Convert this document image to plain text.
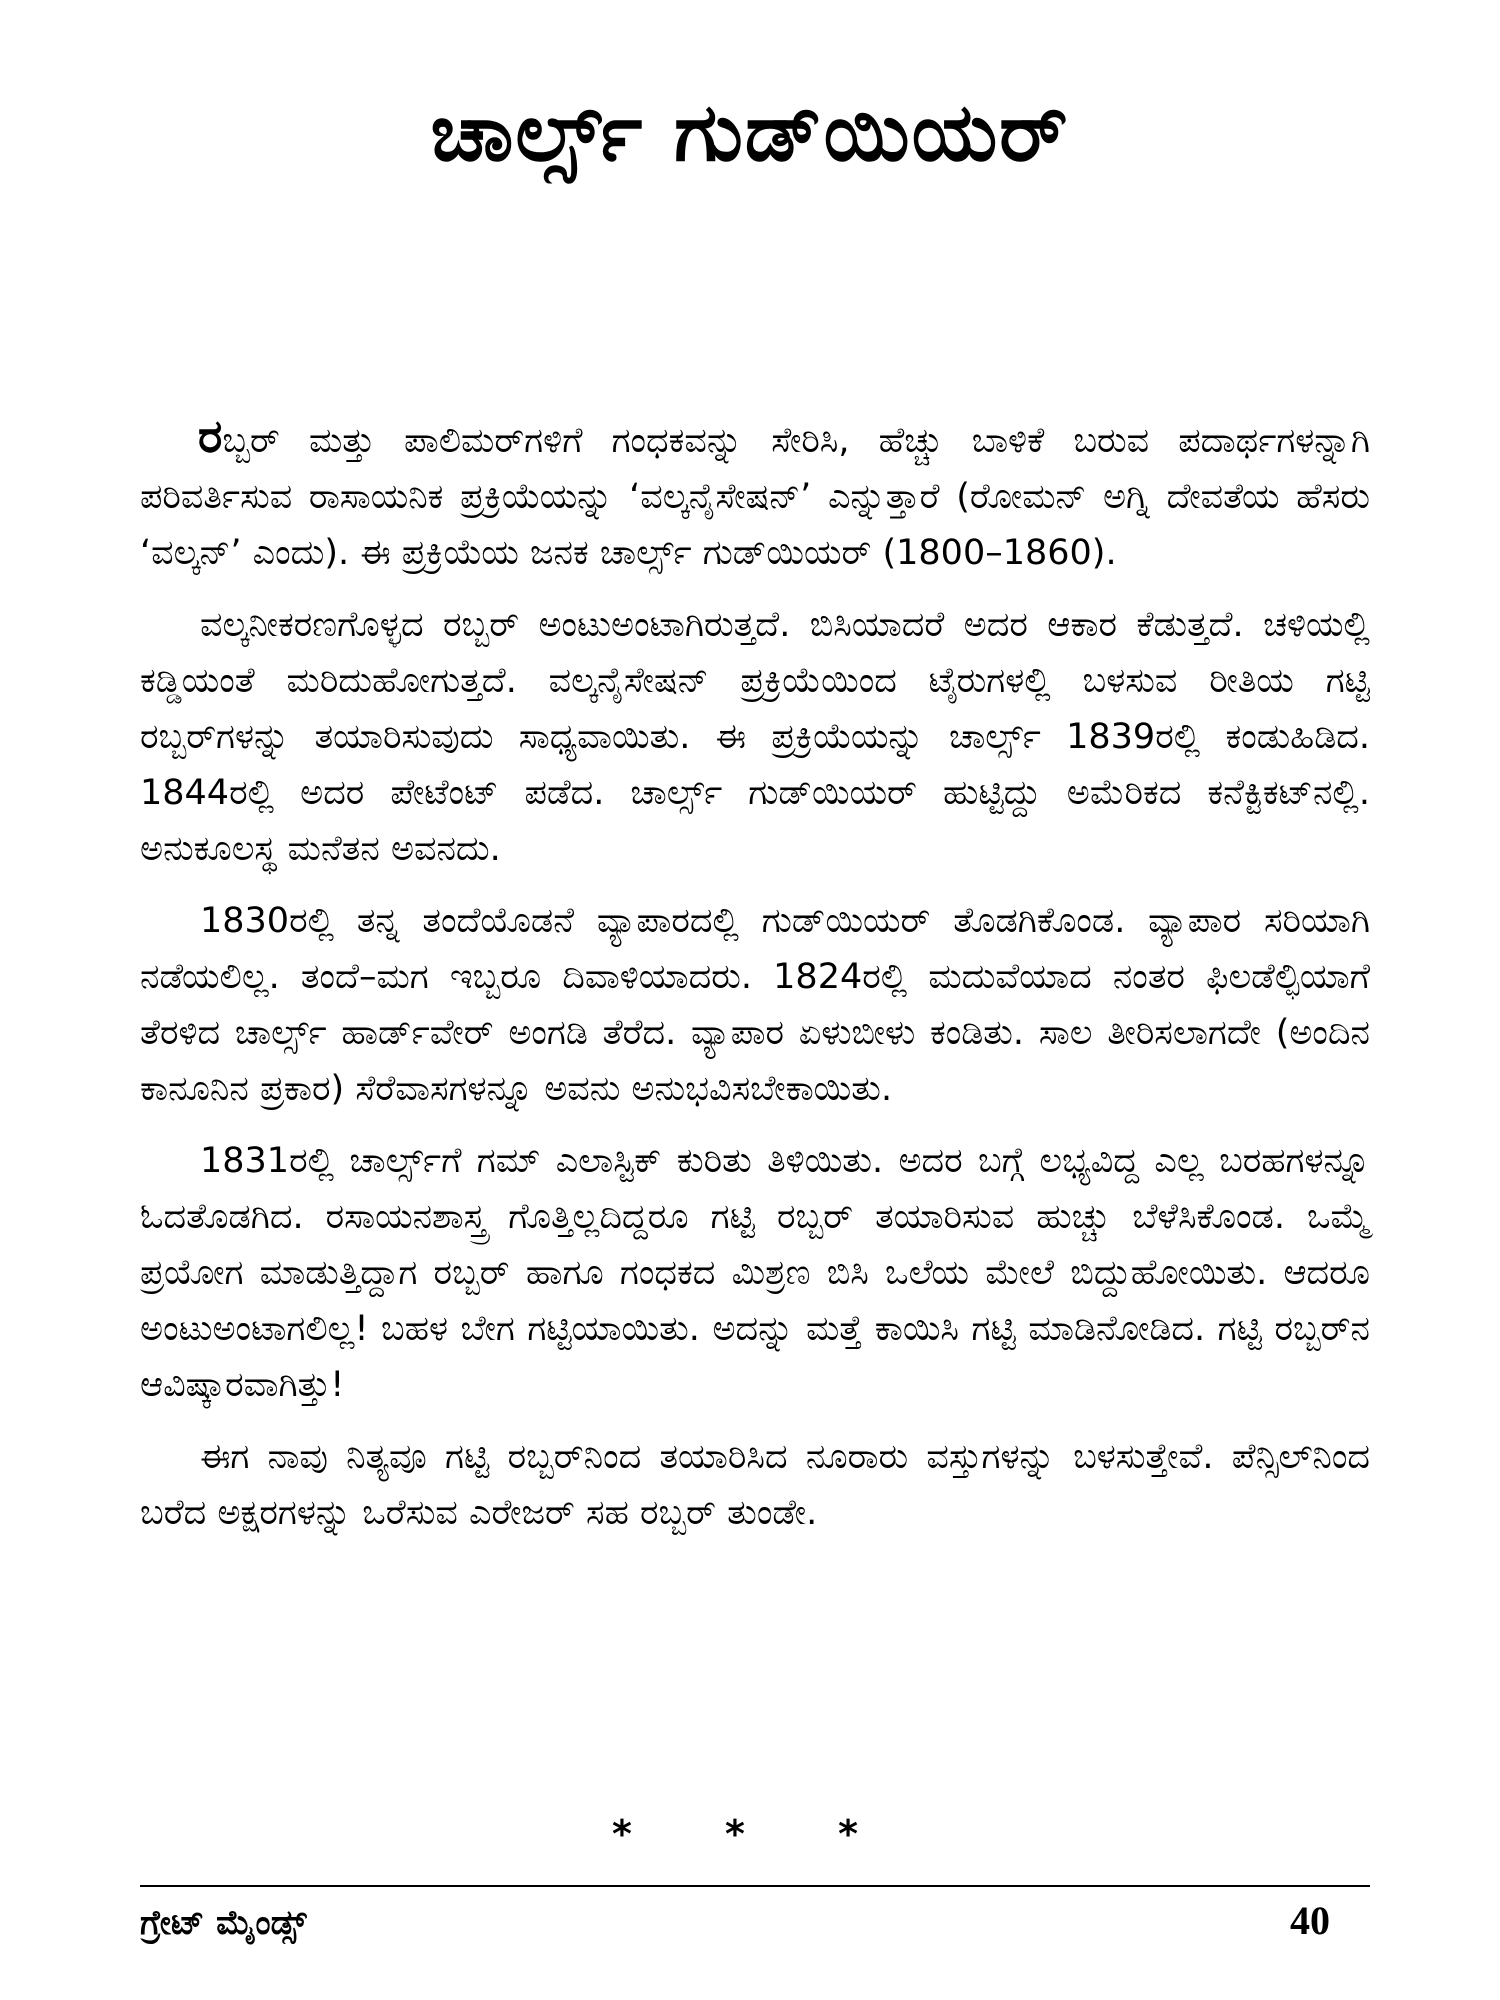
ಚಾರ್ಲ್ಸ್ ಗುಡ್‌ಯಿಯರ್

ರಬ್ಬರ್ ಮತ್ತು ಪಾಲಿಮರ್‌ಗಳಿಗೆ ಗಂಧಕವನ್ನು ಸೇರಿಸಿ, ಹೆಚ್ಚು ಬಾಳಿಕೆ ಬರುವ ಪದಾರ್ಥಗಳನ್ನಾಗಿ ಪರಿವರ್ತಿಸುವ ರಾಸಾಯನಿಕ ಪ್ರಕ್ರಿಯೆಯನ್ನು ‘ವಲ್ಕನೈಸೇಷನ್’ ಎನ್ನುತ್ತಾರೆ (ರೋಮನ್ ಅಗ್ನಿ ದೇವತೆಯ ಹೆಸರು ‘ವಲ್ಕನ್’ ಎಂದು). ಈ ಪ್ರಕ್ರಿಯೆಯ ಜನಕ ಚಾರ್ಲ್ಸ್ ಗುಡ್‌ಯಿಯರ್ (1800–1860).

ವಲ್ಕನೀಕರಣಗೊಳ್ಳದ ರಬ್ಬರ್ ಅಂಟುಅಂಟಾಗಿರುತ್ತದೆ. ಬಿಸಿಯಾದರೆ ಅದರ ಆಕಾರ ಕೆಡುತ್ತದೆ. ಚಳಿಯಲ್ಲಿ ಕಡ್ಡಿಯಂತೆ ಮರಿದುಹೋಗುತ್ತದೆ. ವಲ್ಕನೈಸೇಷನ್ ಪ್ರಕ್ರಿಯೆಯಿಂದ ಟೈರುಗಳಲ್ಲಿ ಬಳಸುವ ರೀತಿಯ ಗಟ್ಟಿ ರಬ್ಬರ್‌ಗಳನ್ನು ತಯಾರಿಸುವುದು ಸಾಧ್ಯವಾಯಿತು. ಈ ಪ್ರಕ್ರಿಯೆಯನ್ನು ಚಾರ್ಲ್ಸ್ 1839ರಲ್ಲಿ ಕಂಡುಹಿಡಿದ. 1844ರಲ್ಲಿ ಅದರ ಪೇಟೆಂಟ್ ಪಡೆದ. ಚಾರ್ಲ್ಸ್ ಗುಡ್‌ಯಿಯರ್ ಹುಟ್ಟಿದ್ದು ಅಮೆರಿಕದ ಕನೆಕ್ಟಿಕಟ್‌ನಲ್ಲಿ. ಅನುಕೂಲಸ್ಥ ಮನೆತನ ಅವನದು.

1830ರಲ್ಲಿ ತನ್ನ ತಂದೆಯೊಡನೆ ವ್ಯಾಪಾರದಲ್ಲಿ ಗುಡ್‌ಯಿಯರ್ ತೊಡಗಿಕೊಂಡ. ವ್ಯಾಪಾರ ಸರಿಯಾಗಿ ನಡೆಯಲಿಲ್ಲ. ತಂದೆ–ಮಗ ಇಬ್ಬರೂ ದಿವಾಳಿಯಾದರು. 1824ರಲ್ಲಿ ಮದುವೆಯಾದ ನಂತರ ಫಿಲಡೆಲ್ಫಿಯಾಗೆ ತೆರಳಿದ ಚಾರ್ಲ್ಸ್ ಹಾರ್ಡ್‌ವೇರ್ ಅಂಗಡಿ ತೆರೆದ. ವ್ಯಾಪಾರ ಏಳುಬೀಳು ಕಂಡಿತು. ಸಾಲ ತೀರಿಸಲಾಗದೇ (ಅಂದಿನ ಕಾನೂನಿನ ಪ್ರಕಾರ) ಸೆರೆವಾಸಗಳನ್ನೂ ಅವನು ಅನುಭವಿಸಬೇಕಾಯಿತು.

1831ರಲ್ಲಿ ಚಾರ್ಲ್ಸ್‌ಗೆ ಗಮ್ ಎಲಾಸ್ಟಿಕ್ ಕುರಿತು ತಿಳಿಯಿತು. ಅದರ ಬಗ್ಗೆ ಲಭ್ಯವಿದ್ದ ಎಲ್ಲ ಬರಹಗಳನ್ನೂ ಓದತೊಡಗಿದ. ರಸಾಯನಶಾಸ್ತ್ರ ಗೊತ್ತಿಲ್ಲದಿದ್ದರೂ ಗಟ್ಟಿ ರಬ್ಬರ್ ತಯಾರಿಸುವ ಹುಚ್ಚು ಬೆಳೆಸಿಕೊಂಡ. ಒಮ್ಮೆ ಪ್ರಯೋಗ ಮಾಡುತ್ತಿದ್ದಾಗ ರಬ್ಬರ್ ಹಾಗೂ ಗಂಧಕದ ಮಿಶ್ರಣ ಬಿಸಿ ಒಲೆಯ ಮೇಲೆ ಬಿದ್ದುಹೋಯಿತು. ಆದರೂ ಅಂಟುಅಂಟಾಗಲಿಲ್ಲ! ಬಹಳ ಬೇಗ ಗಟ್ಟಿಯಾಯಿತು. ಅದನ್ನು ಮತ್ತೆ ಕಾಯಿಸಿ ಗಟ್ಟಿ ಮಾಡಿನೋಡಿದ. ಗಟ್ಟಿ ರಬ್ಬರ್‌ನ ಆವಿಷ್ಕಾರವಾಗಿತ್ತು!

ಈಗ ನಾವು ನಿತ್ಯವೂ ಗಟ್ಟಿ ರಬ್ಬರ್‌ನಿಂದ ತಯಾರಿಸಿದ ನೂರಾರು ವಸ್ತುಗಳನ್ನು ಬಳಸುತ್ತೇವೆ. ಪೆನ್ಸಿಲ್‌ನಿಂದ ಬರೆದ ಅಕ್ಷರಗಳನ್ನು ಒರೆಸುವ ಎರೇಜರ್ ಸಹ ರಬ್ಬರ್ ತುಂಡೇ.

* * *
ಗ್ರೇಟ್ ಮೈಂಡ್ಸ್	40
